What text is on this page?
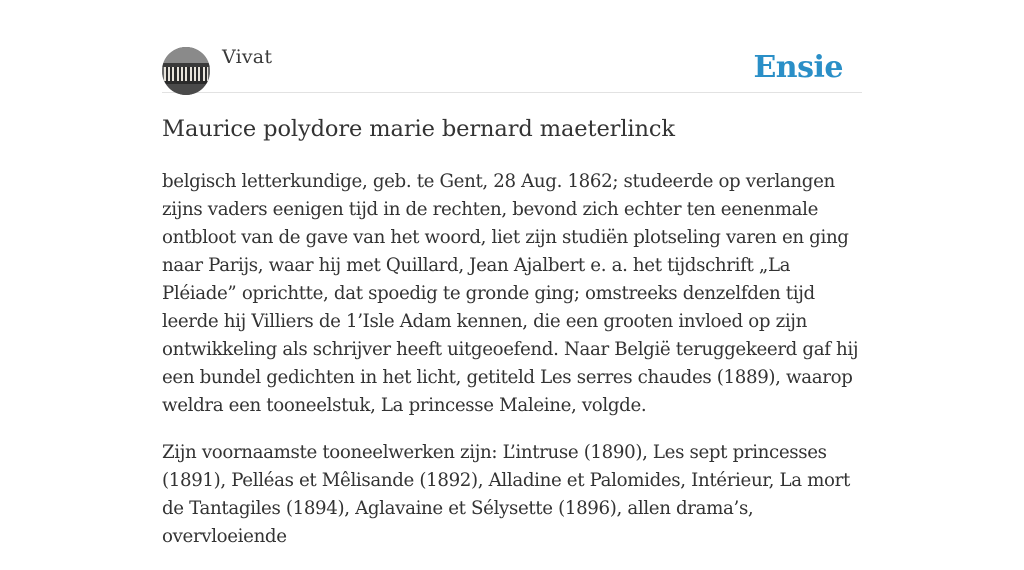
Vivat	Ensie
Maurice polydore marie bernard maeterlinck

belgisch letterkundige, geb. te Gent, 28 Aug. 1862; studeerde op verlangen zijns vaders eenigen tijd in de rechten, bevond zich echter ten eenenmale ontbloot van de gave van het woord, liet zijn studiën plotseling varen en ging naar Parijs, waar hij met Quillard, Jean Ajalbert e. a. het tijdschrift „La Pléiade” oprichtte, dat spoedig te gronde ging; omstreeks denzelfden tijd leerde hij Villiers de 1’Isle Adam kennen, die een grooten invloed op zijn ontwikkeling als schrijver heeft uitgeoefend. Naar België teruggekeerd gaf hij een bundel gedichten in het licht, getiteld Les serres chaudes (1889), waarop weldra een tooneelstuk, La princesse Maleine, volgde.

Zijn voornaamste tooneelwerken zijn: L’intruse (1890), Les sept princesses (1891), Pelléas et Mêlisande (1892), Alladine et Palomides, Intérieur, La mort de Tantagiles (1894), Aglavaine et Sélysette (1896), allen drama’s, overvloeiende
